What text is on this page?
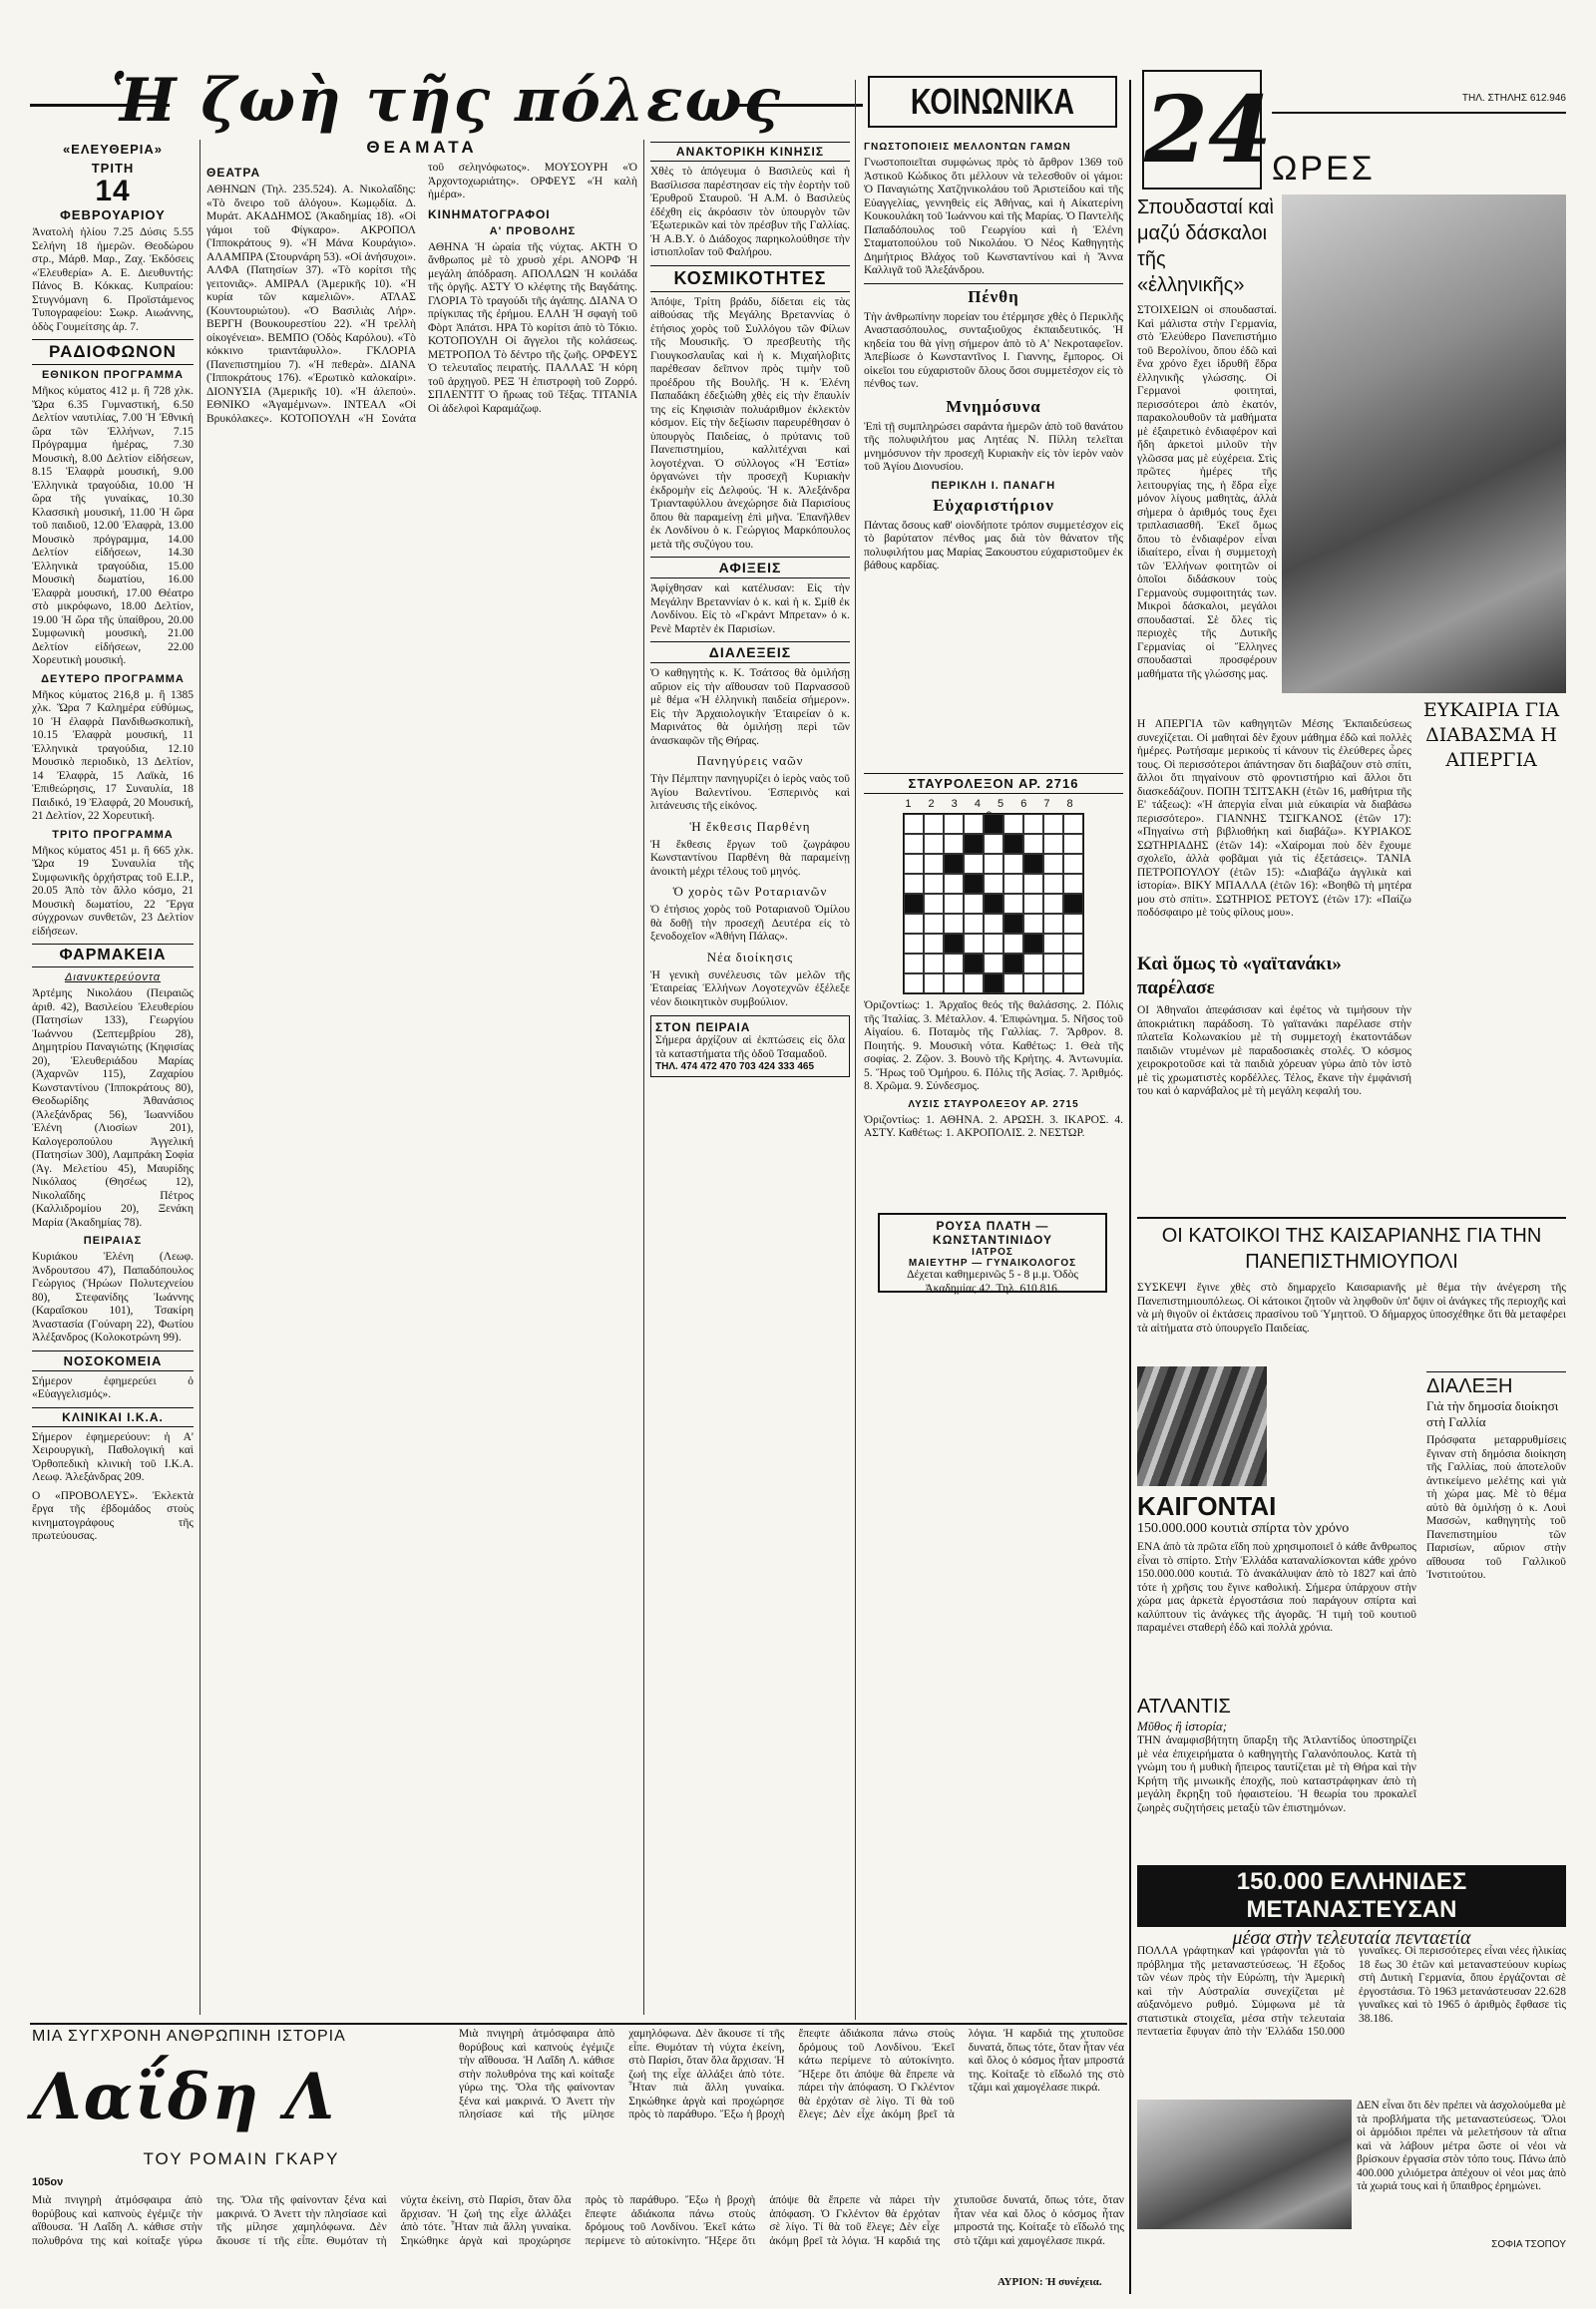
Ἡ ζωὴ τῆς πόλεως	ΚΟΙΝΩΝΙΚΑ 24 ΩΡΕΣ
ΤΗΛ. ΣΤΗΛΗΣ 612.946
«ΕΛΕΥΘΕΡΙΑ»
ΤΡΙΤΗ
14
ΦΕΒΡΟΥΑΡΙΟΥ

Ἀνατολὴ ἡλίου 7.25 Δύσις 5.55 Σελήνη 18 ἡμερῶν. Θεοδώρου στρ., Μάρθ. Μαρ., Ζαχ. Ἐκδόσεις «Ἐλευθερία» Α. Ε. Διευθυντής: Πάνος Β. Κόκκας. Κυπραίου: Στυγνόμανη 6. Προϊστάμενος Τυπογραφείου: Σωκρ. Αιωάννης, ὁδὸς Γουμείτσης ἀρ. 7.

ΡΑΔΙΟΦΩΝΟΝ
ΕΘΝΙΚΟΝ ΠΡΟΓΡΑΜΜΑ

Μῆκος κύματος 412 μ. ἢ 728 χλκ. Ὥρα 6.35 Γυμναστική, 6.50 Δελτίον ναυτιλίας, 7.00 Ἡ Ἐθνική ὥρα τῶν Ἐλλήνων, 7.15 Πρόγραμμα ἡμέρας, 7.30 Μουσικὴ, 8.00 Δελτίον εἰδήσεων, 8.15 Ἐλαφρὰ μουσική, 9.00 Ἑλληνικὰ τραγούδια, 10.00 Ἡ ὥρα τῆς γυναίκας, 10.30 Κλασσικὴ μουσική, 11.00 Ἡ ὥρα τοῦ παιδιοῦ, 12.00 Ἐλαφρὰ, 13.00 Μουσικὸ πρόγραμμα, 14.00 Δελτίον εἰδήσεων, 14.30 Ἑλληνικὰ τραγούδια, 15.00 Μουσικὴ δωματίου, 16.00 Ἐλαφρὰ μουσική, 17.00 Θέατρο στὸ μικρόφωνο, 18.00 Δελτίον, 19.00 Ἡ ὥρα τῆς ὑπαίθρου, 20.00 Συμφωνικὴ μουσικὴ, 21.00 Δελτίον εἰδήσεων, 22.00 Χορευτικὴ μουσική.

ΔΕΥΤΕΡΟ ΠΡΟΓΡΑΜΜΑ

Μῆκος κύματος 216,8 μ. ἢ 1385 χλκ. Ὥρα 7 Καλημέρα εὐθύμως, 10 Ἡ ἐλαφρὰ Πανδιθωσκοπικὴ, 10.15 Ἐλαφρὰ μουσική, 11 Ἑλληνικὰ τραγούδια, 12.10 Μουσικὸ περιοδικὸ, 13 Δελτίον, 14 Ἐλαφρὰ, 15 Λαϊκὰ, 16 Ἐπιθεώρησις, 17 Συναυλία, 18 Παιδικό, 19 Ἐλαφρά, 20 Μουσική, 21 Δελτίον, 22 Χορευτική.

ΤΡΙΤΟ ΠΡΟΓΡΑΜΜΑ

Μῆκος κύματος 451 μ. ἢ 665 χλκ. Ὥρα 19 Συναυλία τῆς Συμφωνικῆς ὀρχήστρας τοῦ Ε.Ι.Ρ., 20.05 Ἀπὸ τὸν ἄλλο κόσμο, 21 Μουσικὴ δωματίου, 22 Ἔργα σύγχρονων συνθετῶν, 23 Δελτίον εἰδήσεων.

ΦΑΡΜΑΚΕΙΑ
Διανυκτερεύοντα

Ἀρτέμης Νικολάου (Πειραιῶς ἀριθ. 42), Βασιλείου Ἐλευθερίου (Πατησίων 133), Γεωργίου Ἰωάννου (Σεπτεμβρίου 28), Δημητρίου Παναγιώτης (Κηφισίας 20), Ἐλευθεριάδου Μαρίας (Ἀχαρνῶν 115), Ζαχαρίου Κωνσταντίνου (Ἱπποκράτους 80), Θεοδωρίδης Ἀθανάσιος (Ἀλεξάνδρας 56), Ἰωαννίδου Ἑλένη (Λιοσίων 201), Καλογεροπούλου Ἀγγελική (Πατησίων 300), Λαμπράκη Σοφία (Ἁγ. Μελετίου 45), Μαυρίδης Νικόλαος (Θησέως 12), Νικολαΐδης Πέτρος (Καλλιδρομίου 20), Ξενάκη Μαρία (Ἀκαδημίας 78).

ΠΕΙΡΑΙΑΣ

Κυριάκου Ἑλένη (Λεωφ. Ἀνδρουτσου 47), Παπαδόπουλος Γεώργιος (Ἡρώων Πολυτεχνείου 80), Στεφανίδης Ἰωάννης (Καραΐσκου 101), Τσακίρη Ἀναστασία (Γούναρη 22), Φωτίου Ἀλέξανδρος (Κολοκοτρώνη 99).

ΝΟΣΟΚΟΜΕΙΑ

Σήμερον ἐφημερεύει ὁ «Εὐαγγελισμός».

ΚΛΙΝΙΚΑΙ Ι.Κ.Α.

Σήμερον ἐφημερεύουν: ἡ Α' Χειρουργικὴ, Παθολογική καὶ Ὀρθοπεδικὴ κλινικὴ τοῦ Ι.Κ.Α. Λεωφ. Ἀλεξάνδρας 209.

Ο «ΠΡΟΒΟΛΕΥΣ». Ἐκλεκτὰ ἔργα τῆς ἐβδομάδος στοὺς κινηματογράφους τῆς πρωτεύουσας.

ΘΕΑΜΑΤΑ
ΘΕΑΤΡΑ

ΑΘΗΝΩΝ (Τηλ. 235.524). Α. Νικολαΐδης: «Τὸ ὄνειρο τοῦ ἀλόγου». Κωμῳδία. Δ. Μυράτ. ΑΚΑΔΗΜΟΣ (Ἀκαδημίας 18). «Οἱ γάμοι τοῦ Φίγκαρο». ΑΚΡΟΠΟΛ (Ἱπποκράτους 9). «Ἡ Μάνα Κουράγιο». ΑΛΑΜΠΡΑ (Στουρνάρη 53). «Οἱ ἀνήσυχοι». ΑΛΦΑ (Πατησίων 37). «Τὸ κορίτσι τῆς γειτονιᾶς». ΑΜΙΡΑΛ (Ἀμερικῆς 10). «Ἡ κυρία τῶν καμελιῶν». ΑΤΛΑΣ (Κουντουριώτου). «Ὁ Βασιλιὰς Λήρ». ΒΕΡΓΗ (Βουκουρεστίου 22). «Ἡ τρελλὴ οἰκογένεια». ΒΕΜΠΟ (Ὁδὸς Καρόλου). «Τὸ κόκκινο τριαντάφυλλο». ΓΚΛΟΡΙΑ (Πανεπιστημίου 7). «Ἡ πεθερὰ». ΔΙΑΝΑ (Ἱπποκράτους 176). «Ἐρωτικὸ καλοκαίρι». ΔΙΟΝΥΣΙΑ (Ἀμερικῆς 10). «Ἡ ἀλεπού». ΕΘΝΙΚΟ «Ἀγαμέμνων». ΙΝΤΕΑΛ «Οἱ Βρυκόλακες». ΚΟΤΟΠΟΥΛΗ «Ἡ Σονάτα τοῦ σεληνόφωτος». ΜΟΥΣΟΥΡΗ «Ὁ Ἀρχοντοχωριάτης». ΟΡΦΕΥΣ «Ἡ καλὴ ἡμέρα».

ΚΙΝΗΜΑΤΟΓΡΑΦΟΙ
Α' ΠΡΟΒΟΛΗΣ

ΑΘΗΝΑ Ἡ ὡραία τῆς νύχτας. ΑΚΤΗ Ὁ ἄνθρωπος μὲ τὸ χρυσὸ χέρι. ΑΝΟΡΦ Ἡ μεγάλη ἀπόδραση. ΑΠΟΛΛΩΝ Ἡ κοιλάδα τῆς ὀργῆς. ΑΣΤΥ Ὁ κλέφτης τῆς Βαγδάτης. ΓΛΟΡΙΑ Τὸ τραγούδι τῆς ἀγάπης. ΔΙΑΝΑ Ὁ πρίγκιπας τῆς ἐρήμου. ΕΛΛΗ Ἡ σφαγὴ τοῦ Φὸρτ Ἀπάτσι. ΗΡΑ Τὸ κορίτσι ἀπὸ τὸ Τόκιο. ΚΟΤΟΠΟΥΛΗ Οἱ ἄγγελοι τῆς κολάσεως. ΜΕΤΡΟΠΟΛ Τὸ δέντρο τῆς ζωῆς. ΟΡΦΕΥΣ Ὁ τελευταῖος πειρατής. ΠΑΛΛΑΣ Ἡ κόρη τοῦ ἀρχηγοῦ. ΡΕΞ Ἡ ἐπιστροφὴ τοῦ Ζορρό. ΣΠΛΕΝΤΙΤ Ὁ ἥρωας τοῦ Τέξας. ΤΙΤΑΝΙΑ Οἱ ἀδελφοὶ Καραμάζωφ.

ΑΝΑΚΤΟΡΙΚΗ ΚΙΝΗΣΙΣ

Χθὲς τὸ ἀπόγευμα ὁ Βασιλεὺς καὶ ἡ Βασίλισσα παρέστησαν εἰς τὴν ἑορτὴν τοῦ Ἐρυθροῦ Σταυροῦ. Ἡ Α.Μ. ὁ Βασιλεὺς ἐδέχθη εἰς ἀκρόασιν τὸν ὑπουργὸν τῶν Ἐξωτερικῶν καὶ τὸν πρέσβυν τῆς Γαλλίας. Ἡ Α.Β.Υ. ὁ Διάδοχος παρηκολούθησε τὴν ἱστιοπλοΐαν τοῦ Φαλήρου.

ΚΟΣΜΙΚΟΤΗΤΕΣ

Ἀπόψε, Τρίτη βράδυ, δίδεται εἰς τὰς αἰθούσας τῆς Μεγάλης Βρεταννίας ὁ ἐτήσιος χορὸς τοῦ Συλλόγου τῶν Φίλων τῆς Μουσικῆς. Ὁ πρεσβευτὴς τῆς Γιουγκοσλαυΐας καὶ ἡ κ. Μιχαήλοβιτς παρέθεσαν δεῖπνον πρὸς τιμὴν τοῦ προέδρου τῆς Βουλῆς. Ἡ κ. Ἑλένη Παπαδάκη ἐδεξιώθη χθὲς εἰς τὴν ἔπαυλίν της εἰς Κηφισιὰν πολυάριθμον ἐκλεκτὸν κόσμον. Εἰς τὴν δεξίωσιν παρευρέθησαν ὁ ὑπουργὸς Παιδείας, ὁ πρύτανις τοῦ Πανεπιστημίου, καλλιτέχναι καὶ λογοτέχναι. Ὁ σύλλογος «Ἡ Ἑστία» ὀργανώνει τὴν προσεχῆ Κυριακὴν ἐκδρομὴν εἰς Δελφούς. Ἡ κ. Ἀλεξάνδρα Τριανταφύλλου ἀνεχώρησε διὰ Παρισίους ὅπου θὰ παραμείνῃ ἐπὶ μῆνα. Ἐπανῆλθεν ἐκ Λονδίνου ὁ κ. Γεώργιος Μαρκόπουλος μετὰ τῆς συζύγου του.

ΑΦΙΞΕΙΣ

Ἀφίχθησαν καὶ κατέλυσαν: Εἰς τὴν Μεγάλην Βρεταννίαν ὁ κ. καὶ ἡ κ. Σμίθ ἐκ Λονδίνου. Εἰς τὸ «Γκράντ Μπρεταν» ὁ κ. Ρενὲ Μαρτὲν ἐκ Παρισίων.

ΔΙΑΛΕΞΕΙΣ

Ὁ καθηγητὴς κ. Κ. Τσάτσος θὰ ὁμιλήσῃ αὔριον εἰς τὴν αἴθουσαν τοῦ Παρνασσοῦ μὲ θέμα «Ἡ ἑλληνικὴ παιδεία σήμερον». Εἰς τὴν Ἀρχαιολογικὴν Ἑταιρείαν ὁ κ. Μαρινάτος θὰ ὁμιλήσῃ περὶ τῶν ἀνασκαφῶν τῆς Θήρας.

Πανηγύρεις ναῶν

Τὴν Πέμπτην πανηγυρίζει ὁ ἱερὸς ναὸς τοῦ Ἁγίου Βαλεντίνου. Ἑσπερινὸς καὶ λιτάνευσις τῆς εἰκόνος.

Ἡ ἔκθεσις Παρθένη

Ἡ ἔκθεσις ἔργων τοῦ ζωγράφου Κωνσταντίνου Παρθένη θὰ παραμείνῃ ἀνοικτὴ μέχρι τέλους τοῦ μηνός.

Ὁ χορὸς τῶν Ροταριανῶν

Ὁ ἐτήσιος χορὸς τοῦ Ροταριανοῦ Ὁμίλου θὰ δοθῇ τὴν προσεχῆ Δευτέρα εἰς τὸ ξενοδοχεῖον «Ἀθήνη Πάλας».

Νέα διοίκησις

Ἡ γενικὴ συνέλευσις τῶν μελῶν τῆς Ἑταιρείας Ἑλλήνων Λογοτεχνῶν ἐξέλεξε νέον διοικητικὸν συμβούλιον.

ΣΤΟΝ ΠΕΙΡΑΙΑ

Σήμερα ἀρχίζουν αἱ ἐκπτώσεις εἰς ὅλα τὰ καταστήματα τῆς ὁδοῦ Τσαμαδοῦ.

ΤΗΛ. 474 472 470 703 424 333 465
ΓΝΩΣΤΟΠΟΙΕΙΣ ΜΕΛΛΟΝΤΩΝ ΓΑΜΩΝ

Γνωστοποιεῖται συμφώνως πρὸς τὸ ἄρθρον 1369 τοῦ Ἀστικοῦ Κώδικος ὅτι μέλλουν νὰ τελεσθοῦν οἱ γάμοι: Ὁ Παναγιώτης Χατζηνικολάου τοῦ Ἀριστείδου καὶ τῆς Εὐαγγελίας, γεννηθεὶς εἰς Ἀθήνας, καὶ ἡ Αἰκατερίνη Κουκουλάκη τοῦ Ἰωάννου καὶ τῆς Μαρίας. Ὁ Παντελῆς Παπαδόπουλος τοῦ Γεωργίου καὶ ἡ Ἑλένη Σταματοπούλου τοῦ Νικολάου. Ὁ Νέος Καθηγητὴς Δημήτριος Βλάχος τοῦ Κωνσταντίνου καὶ ἡ Ἄννα Καλλιγᾶ τοῦ Ἀλεξάνδρου.

Πένθη

Τὴν ἀνθρωπίνην πορείαν του ἐτέρμησε χθὲς ὁ Περικλῆς Αναστασόπουλος, συνταξιοῦχος ἐκπαιδευτικός. Ἡ κηδεία του θὰ γίνῃ σήμερον ἀπὸ τὸ Α' Νεκροταφεῖον. Ἀπεβίωσε ὁ Κωνσταντῖνος Ι. Γιαννης, ἔμπορος. Οἱ οἰκεῖοι του εὐχαριστοῦν ὅλους ὅσοι συμμετέσχον εἰς τὸ πένθος των.

Μνημόσυνα

Ἐπὶ τῇ συμπληρώσει σαράντα ἡμερῶν ἀπὸ τοῦ θανάτου τῆς πολυφιλήτου μας Λητέας Ν. Πίλλη τελεῖται μνημόσυνον τὴν προσεχῆ Κυριακὴν εἰς τὸν ἱερὸν ναὸν τοῦ Ἁγίου Διονυσίου.

ΠΕΡΙΚΛΗ Ι. ΠΑΝΑΓΗ
Εὐχαριστήριον

Πάντας ὅσους καθ' οἱονδήποτε τρόπον συμμετέσχον εἰς τὸ βαρύτατον πένθος μας διὰ τὸν θάνατον τῆς πολυφιλήτου μας Μαρίας Ξακουστου εὐχαριστοῦμεν ἐκ βάθους καρδίας.

ΣΤΑΥΡΟΛΕΞΟΝ ΑΡ. 2716
1 2 3 4 5 6 7 8

Ὁριζοντίως: 1. Ἀρχαῖος θεός τῆς θαλάσσης. 2. Πόλις τῆς Ἰταλίας. 3. Μέταλλον. 4. Ἐπιφώνημα. 5. Νῆσος τοῦ Αἰγαίου. 6. Ποταμὸς τῆς Γαλλίας. 7. Ἄρθρον. 8. Ποιητής. 9. Μουσικὴ νότα. Καθέτως: 1. Θεὰ τῆς σοφίας. 2. Ζῷον. 3. Βουνὸ τῆς Κρήτης. 4. Ἀντωνυμία. 5. Ἥρως τοῦ Ὁμήρου. 6. Πόλις τῆς Ἀσίας. 7. Ἀριθμός. 8. Χρῶμα. 9. Σύνδεσμος.

ΛΥΣΙΣ ΣΤΑΥΡΟΛΕΞΟΥ ΑΡ. 2715

Ὁριζοντίως: 1. ΑΘΗΝΑ. 2. ΑΡΩΣΗ. 3. ΙΚΑΡΟΣ. 4. ΑΣΤΥ. Καθέτως: 1. ΑΚΡΟΠΟΛΙΣ. 2. ΝΕΣΤΩΡ.

ΡΟΥΣΑ ΠΛΑΤΗ — ΚΩΝΣΤΑΝΤΙΝΙΔΟΥ
ΙΑΤΡΟΣ
ΜΑΙΕΥΤΗΡ — ΓΥΝΑΙΚΟΛΟΓΟΣ

Δέχεται καθημερινῶς 5 - 8 μ.μ. Ὁδὸς Ἀκαδημίας 42. Τηλ. 610.816.

Σπουδασταί καὶ μαζύ δάσκαλοι τῆς «ἑλληνικῆς»

ΣΤΟΙΧΕΙΩΝ οἱ σπουδασταί. Καὶ μάλιστα στὴν Γερμανία, στὸ Ἐλεύθερο Πανεπιστήμιο τοῦ Βερολίνου, ὅπου ἐδῶ καὶ ἕνα χρόνο ἔχει ἱδρυθῆ ἕδρα ἑλληνικῆς γλώσσης. Οἱ Γερμανοὶ φοιτηταὶ, περισσότεροι ἀπὸ ἑκατόν, παρακολουθοῦν τὰ μαθήματα μὲ ἐξαιρετικὸ ἐνδιαφέρον καὶ ἤδη ἀρκετοὶ μιλοῦν τὴν γλῶσσα μας μὲ εὐχέρεια. Στὶς πρῶτες ἡμέρες τῆς λειτουργίας της, ἡ ἕδρα εἶχε μόνον λίγους μαθητὰς, ἀλλὰ σήμερα ὁ ἀριθμός τους ἔχει τριπλασιασθῆ. Ἐκεῖ ὅμως ὅπου τὸ ἐνδιαφέρον εἶναι ἰδιαίτερο, εἶναι ἡ συμμετοχὴ τῶν Ἑλλήνων φοιτητῶν οἱ ὁποῖοι διδάσκουν τοὺς Γερμανοὺς συμφοιτητάς των. Μικροὶ δάσκαλοι, μεγάλοι σπουδασταί. Σὲ ὅλες τὶς περιοχὲς τῆς Δυτικῆς Γερμανίας οἱ Ἕλληνες σπουδασταὶ προσφέρουν μαθήματα τῆς γλώσσης μας.

Η ΑΠΕΡΓΙΑ τῶν καθηγητῶν Μέσης Ἐκπαιδεύσεως συνεχίζεται. Οἱ μαθηταὶ δὲν ἔχουν μάθημα ἐδῶ καὶ πολλὲς ἡμέρες. Ρωτήσαμε μερικοὺς τί κάνουν τὶς ἐλεύθερες ὧρες τους. Οἱ περισσότεροι ἀπάντησαν ὅτι διαβάζουν στὸ σπίτι, ἄλλοι ὅτι πηγαίνουν στὸ φροντιστήριο καὶ ἄλλοι ὅτι διασκεδάζουν. ΠΟΠΗ ΤΣΙΤΣΑΚΗ (ἐτῶν 16, μαθήτρια τῆς Ε' τάξεως): «Ἡ ἀπεργία εἶναι μιὰ εὐκαιρία νὰ διαβάσω περισσότερο». ΓΙΑΝΝΗΣ ΤΣΙΓΚΑΝΟΣ (ἐτῶν 17): «Πηγαίνω στὴ βιβλιοθήκη καὶ διαβάζω». ΚΥΡΙΑΚΟΣ ΣΩΤΗΡΙΑΔΗΣ (ἐτῶν 14): «Χαίρομαι ποὺ δὲν ἔχουμε σχολεῖο, ἀλλὰ φοβᾶμαι γιὰ τὶς ἐξετάσεις». ΤΑΝΙΑ ΠΕΤΡΟΠΟΥΛΟΥ (ἐτῶν 15): «Διαβάζω ἀγγλικὰ καὶ ἱστορία». ΒΙΚΥ ΜΠΑΛΛΑ (ἐτῶν 16): «Βοηθῶ τὴ μητέρα μου στὸ σπίτι». ΣΩΤΗΡΙΟΣ ΡΕΤΟΥΣ (ἐτῶν 17): «Παίζω ποδόσφαιρο μὲ τοὺς φίλους μου».

ΕΥΚΑΙΡΙΑ ΓΙΑ ΔΙΑΒΑΣΜΑ Η ΑΠΕΡΓΙΑ
Καὶ ὅμως τὸ «γαϊτανάκι» παρέλασε

ΟΙ Ἀθηναῖοι ἀπεφάσισαν καὶ ἐφέτος νὰ τιμήσουν τὴν ἀποκριάτικη παράδοση. Τὸ γαϊτανάκι παρέλασε στὴν πλατεῖα Κολωνακίου μὲ τὴ συμμετοχὴ ἑκατοντάδων παιδιῶν ντυμένων μὲ παραδοσιακὲς στολές. Ὁ κόσμος χειροκροτοῦσε καὶ τὰ παιδιὰ χόρευαν γύρω ἀπὸ τὸν ἱστὸ μὲ τὶς χρωματιστὲς κορδέλλες. Τέλος, ἔκανε τὴν ἐμφάνισή του καὶ ὁ καρνάβαλος μὲ τὴ μεγάλη κεφαλή του.

ΟΙ ΚΑΤΟΙΚΟΙ ΤΗΣ ΚΑΙΣΑΡΙΑΝΗΣ ΓΙΑ ΤΗΝ ΠΑΝΕΠΙΣΤΗΜΙΟΥΠΟΛΙ

ΣΥΣΚΕΨΙ ἔγινε χθὲς στὸ δημαρχεῖο Καισαριανῆς μὲ θέμα τὴν ἀνέγερση τῆς Πανεπιστημιουπόλεως. Οἱ κάτοικοι ζητοῦν νὰ ληφθοῦν ὑπ' ὄψιν οἱ ἀνάγκες τῆς περιοχῆς καὶ νὰ μὴ θιγοῦν οἱ ἐκτάσεις πρασίνου τοῦ Ὑμηττοῦ. Ὁ δήμαρχος ὑποσχέθηκε ὅτι θὰ μεταφέρει τὰ αἰτήματα στὸ ὑπουργεῖο Παιδείας.

ΚΑΙΓΟΝΤΑΙ
150.000.000 κουτιὰ σπίρτα τὸν χρόνο

ΕΝΑ ἀπὸ τὰ πρῶτα εἴδη ποὺ χρησιμοποιεῖ ὁ κάθε ἄνθρωπος εἶναι τὸ σπίρτο. Στὴν Ἑλλάδα καταναλίσκονται κάθε χρόνο 150.000.000 κουτιά. Τὸ ἀνακάλυψαν ἀπὸ τὸ 1827 καὶ ἀπὸ τότε ἡ χρῆσις του ἔγινε καθολική. Σήμερα ὑπάρχουν στὴν χώρα μας ἀρκετὰ ἐργοστάσια ποὺ παράγουν σπίρτα καὶ καλύπτουν τὶς ἀνάγκες τῆς ἀγορᾶς. Ἡ τιμὴ τοῦ κουτιοῦ παραμένει σταθερὴ ἐδῶ καὶ πολλὰ χρόνια.

ΑΤΛΑΝΤΙΣ
Μῦθος ἢ ἱστορία;

ΤΗΝ ἀναμφισβήτητη ὕπαρξη τῆς Ἀτλαντίδος ὑποστηρίζει μὲ νέα ἐπιχειρήματα ὁ καθηγητὴς Γαλανόπουλος. Κατὰ τὴ γνώμη του ἡ μυθικὴ ἤπειρος ταυτίζεται μὲ τὴ Θήρα καὶ τὴν Κρήτη τῆς μινωικῆς ἐποχῆς, ποὺ καταστράφηκαν ἀπὸ τὴ μεγάλη ἔκρηξη τοῦ ἡφαιστείου. Ἡ θεωρία του προκαλεῖ ζωηρὲς συζητήσεις μεταξὺ τῶν ἐπιστημόνων.

ΔΙΑΛΕΞΗ
Γιὰ τὴν δημοσία διοίκησι στὴ Γαλλία

Πρόσφατα μεταρρυθμίσεις ἔγιναν στὴ δημόσια διοίκηση τῆς Γαλλίας, ποὺ ἀποτελοῦν ἀντικείμενο μελέτης καὶ γιὰ τὴ χώρα μας. Μὲ τὸ θέμα αὐτὸ θὰ ὁμιλήσῃ ὁ κ. Λουὶ Μασσὼν, καθηγητὴς τοῦ Πανεπιστημίου τῶν Παρισίων, αὔριον στὴν αἴθουσα τοῦ Γαλλικοῦ Ἰνστιτούτου.

150.000 ΕΛΛΗΝΙΔΕΣ ΜΕΤΑΝΑΣΤΕΥΣΑΝ
μέσα στὴν τελευταία πενταετία

ΠΟΛΛΑ γράφτηκαν καὶ γράφονται γιὰ τὸ πρόβλημα τῆς μεταναστεύσεως. Ἡ ἔξοδος τῶν νέων πρὸς τὴν Εὐρώπη, τὴν Ἀμερικὴ καὶ τὴν Αὐστραλία συνεχίζεται μὲ αὐξανόμενο ρυθμό. Σύμφωνα μὲ τὰ στατιστικὰ στοιχεῖα, μέσα στὴν τελευταία πενταετία ἔφυγαν ἀπὸ τὴν Ἑλλάδα 150.000 γυναῖκες. Οἱ περισσότερες εἶναι νέες ἡλικίας 18 ἕως 30 ἐτῶν καὶ μεταναστεύουν κυρίως στὴ Δυτικὴ Γερμανία, ὅπου ἐργάζονται σὲ ἐργοστάσια. Τὸ 1963 μετανάστευσαν 22.628 γυναῖκες καὶ τὸ 1965 ὁ ἀριθμὸς ἔφθασε τὶς 38.186.

ΔΕΝ εἶναι ὅτι δὲν πρέπει νὰ ἀσχολούμεθα μὲ τὰ προβλήματα τῆς μεταναστεύσεως. Ὅλοι οἱ ἁρμόδιοι πρέπει νὰ μελετήσουν τὰ αἴτια καὶ νὰ λάβουν μέτρα ὥστε οἱ νέοι νὰ βρίσκουν ἐργασία στὸν τόπο τους. Πάνω ἀπὸ 400.000 χιλιόμετρα ἀπέχουν οἱ νέοι μας ἀπὸ τὰ χωριά τους καὶ ἡ ὕπαιθρος ἐρημώνει.

ΣΟΦΙΑ ΤΣΟΠΟΥ
ΜΙΑ ΣΥΓΧΡΟΝΗ ΑΝΘΡΩΠΙΝΗ ΙΣΤΟΡΙΑ
Λαΐδη Λ
ΤΟΥ ΡΟΜΑΙΝ ΓΚΑΡΥ
105ον

Μιὰ πνιγηρὴ ἀτμόσφαιρα ἀπὸ θορύβους καὶ καπνοὺς ἐγέμιζε τὴν αἴθουσα. Ἡ Λαΐδη Λ. κάθισε στὴν πολυθρόνα της καὶ κοίταξε γύρω της. Ὅλα τῆς φαίνονταν ξένα καὶ μακρινά. Ὁ Ἀνεττ τὴν πλησίασε καὶ τῆς μίλησε χαμηλόφωνα. Δὲν ἄκουσε τί τῆς εἶπε. Θυμόταν τὴ νύχτα ἐκείνη, στὸ Παρίσι, ὅταν ὅλα ἄρχισαν. Ἡ ζωή της εἶχε ἀλλάξει ἀπὸ τότε. Ἦταν πιὰ ἄλλη γυναίκα. Σηκώθηκε ἀργὰ καὶ προχώρησε πρὸς τὸ παράθυρο. Ἔξω ἡ βροχὴ ἔπεφτε ἀδιάκοπα πάνω στοὺς δρόμους τοῦ Λονδίνου. Ἐκεῖ κάτω περίμενε τὸ αὐτοκίνητο. Ἤξερε ὅτι ἀπόψε θὰ ἔπρεπε νὰ πάρει τὴν ἀπόφαση. Ὁ Γκλέντον θὰ ἐρχόταν σὲ λίγο. Τί θὰ τοῦ ἔλεγε; Δὲν εἶχε ἀκόμη βρεῖ τὰ λόγια. Ἡ καρδιά της χτυποῦσε δυνατά, ὅπως τότε, ὅταν ἦταν νέα καὶ ὅλος ὁ κόσμος ἦταν μπροστά της. Κοίταξε τὸ εἴδωλό της στὸ τζάμι καὶ χαμογέλασε πικρά.

ΑΥΡΙΟΝ: Ἡ συνέχεια.

Μιὰ πνιγηρὴ ἀτμόσφαιρα ἀπὸ θορύβους καὶ καπνοὺς ἐγέμιζε τὴν αἴθουσα. Ἡ Λαΐδη Λ. κάθισε στὴν πολυθρόνα της καὶ κοίταξε γύρω της. Ὅλα τῆς φαίνονταν ξένα καὶ μακρινά. Ὁ Ἀνεττ τὴν πλησίασε καὶ τῆς μίλησε χαμηλόφωνα. Δὲν ἄκουσε τί τῆς εἶπε. Θυμόταν τὴ νύχτα ἐκείνη, στὸ Παρίσι, ὅταν ὅλα ἄρχισαν. Ἡ ζωή της εἶχε ἀλλάξει ἀπὸ τότε. Ἦταν πιὰ ἄλλη γυναίκα. Σηκώθηκε ἀργὰ καὶ προχώρησε πρὸς τὸ παράθυρο. Ἔξω ἡ βροχὴ ἔπεφτε ἀδιάκοπα πάνω στοὺς δρόμους τοῦ Λονδίνου. Ἐκεῖ κάτω περίμενε τὸ αὐτοκίνητο. Ἤξερε ὅτι ἀπόψε θὰ ἔπρεπε νὰ πάρει τὴν ἀπόφαση. Ὁ Γκλέντον θὰ ἐρχόταν σὲ λίγο. Τί θὰ τοῦ ἔλεγε; Δὲν εἶχε ἀκόμη βρεῖ τὰ λόγια. Ἡ καρδιά της χτυποῦσε δυνατά, ὅπως τότε, ὅταν ἦταν νέα καὶ ὅλος ὁ κόσμος ἦταν μπροστά της. Κοίταξε τὸ εἴδωλό της στὸ τζάμι καὶ χαμογέλασε πικρά.
